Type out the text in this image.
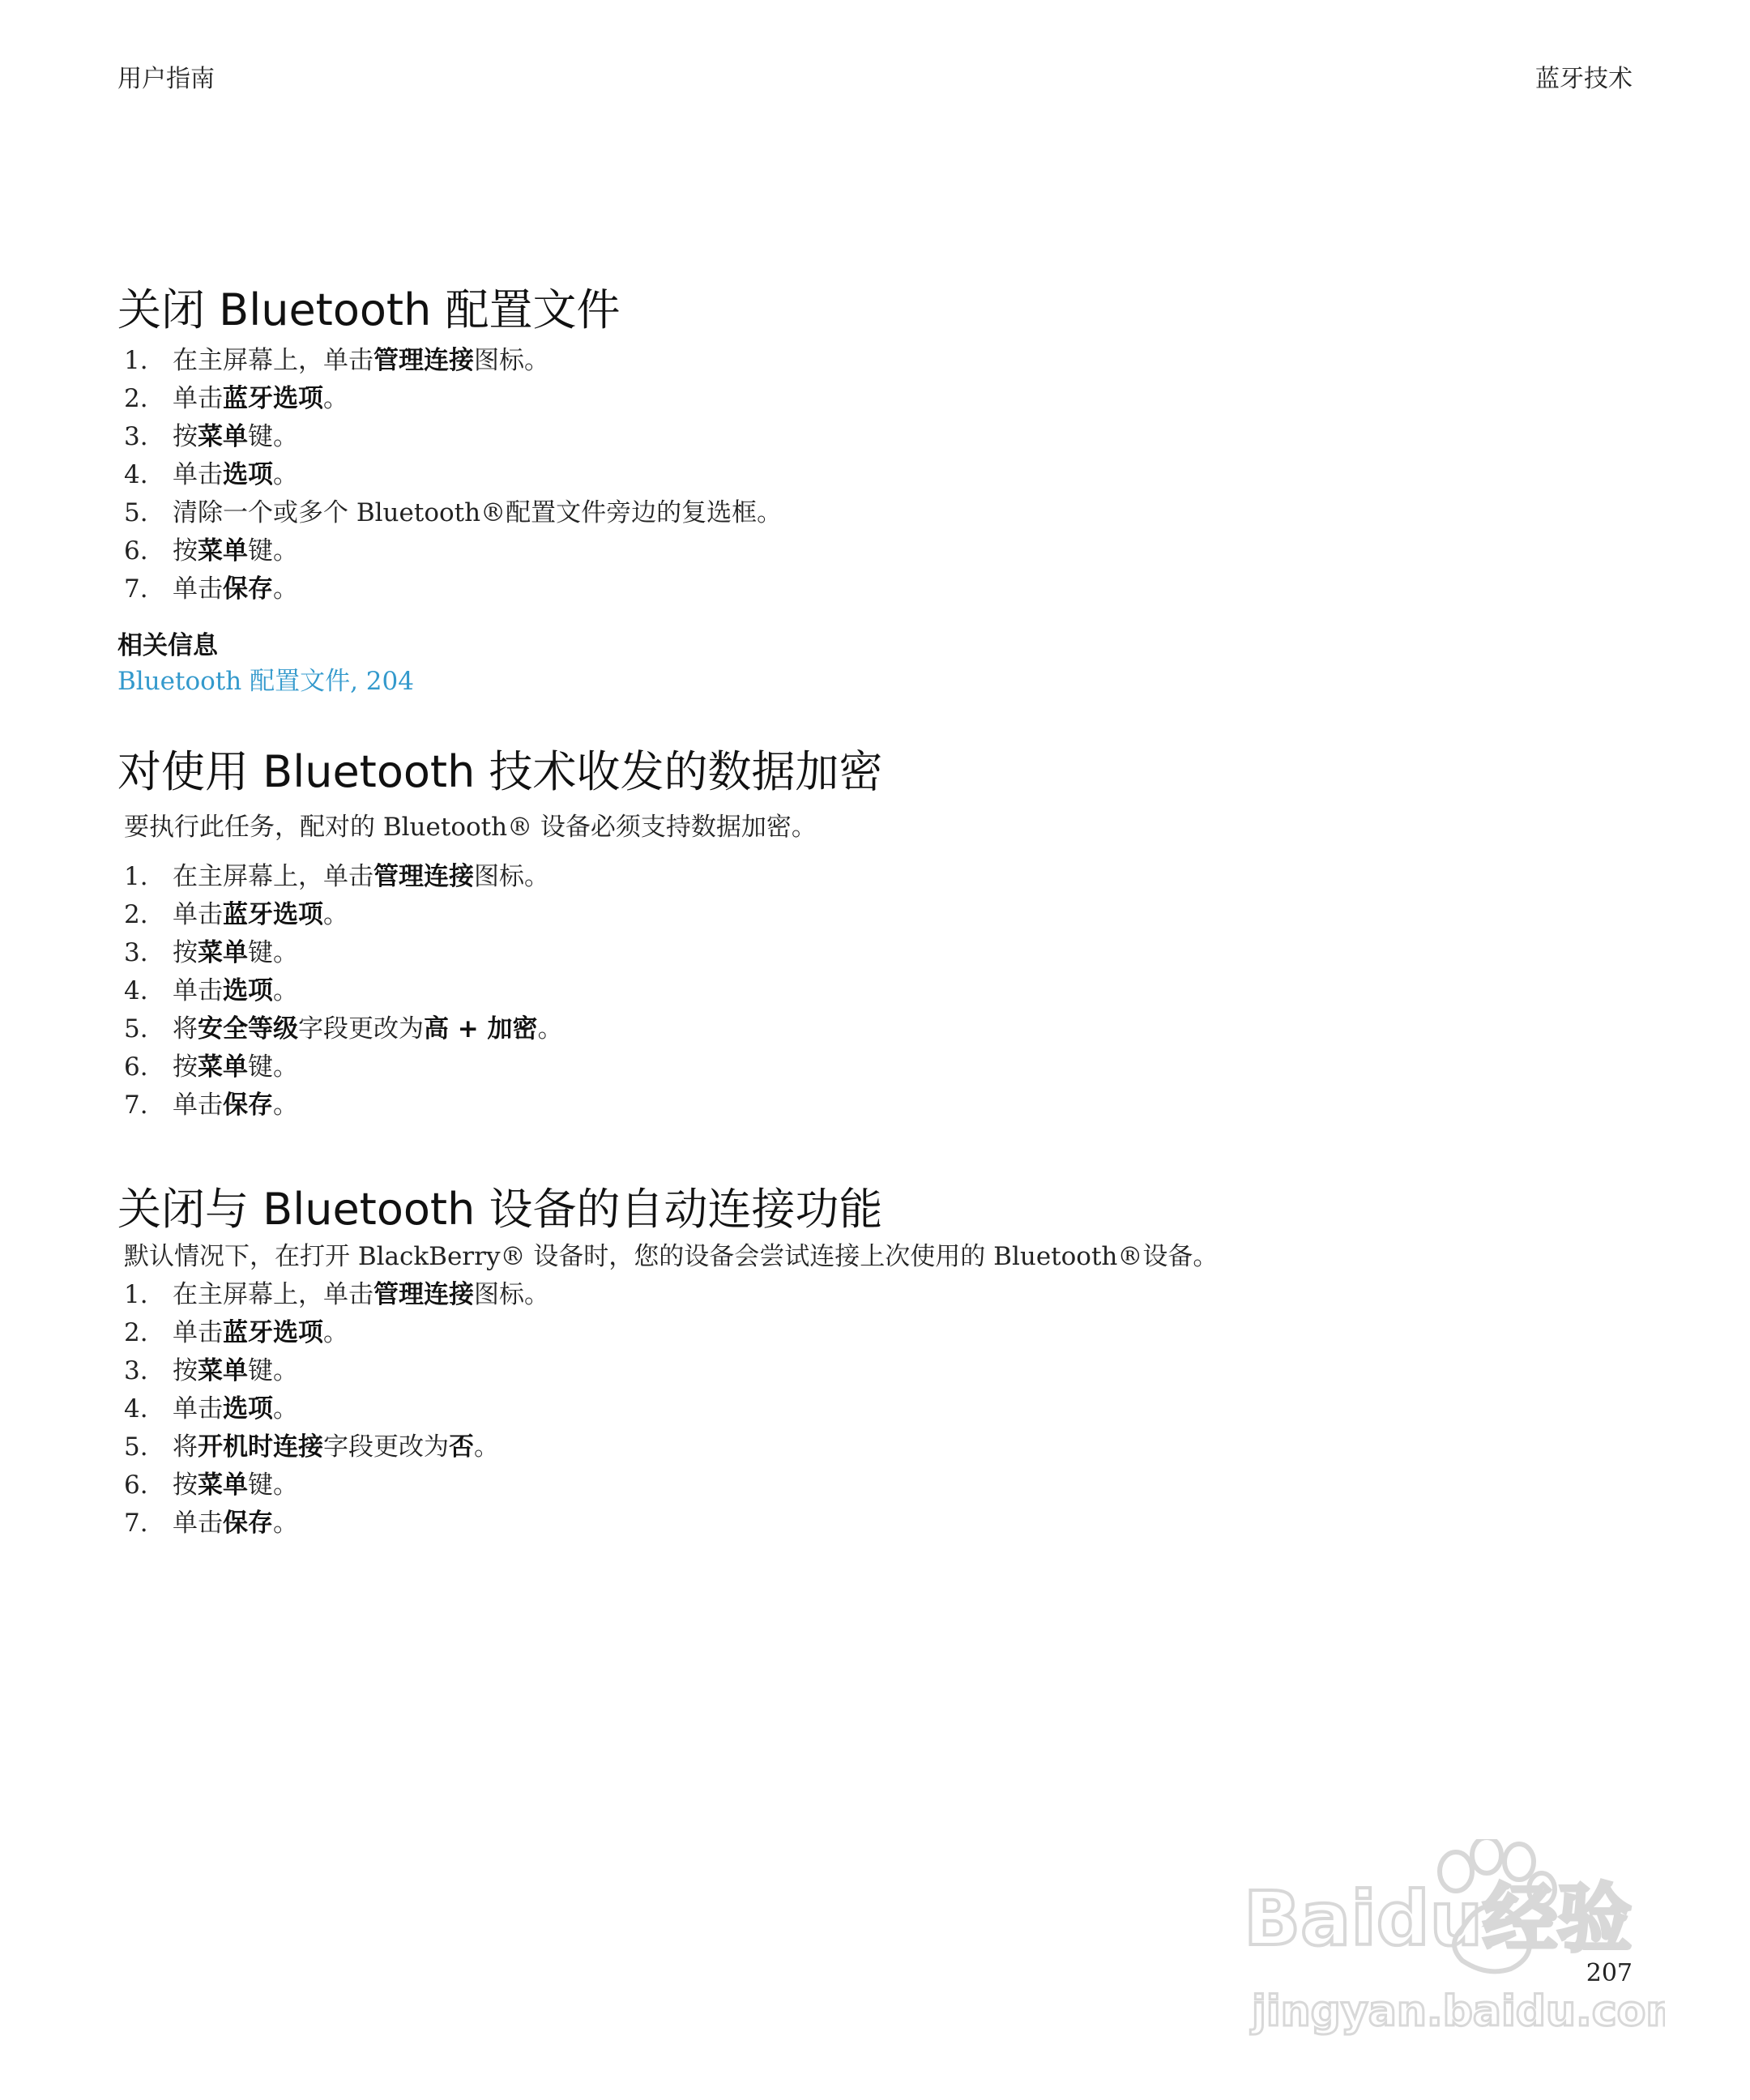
用户指南	蓝牙技术
关闭 Bluetooth 配置文件
1. 在主屏幕上，单击管理连接图标。
2. 单击蓝牙选项。
3. 按菜单键。
4. 单击选项。
5. 清除一个或多个 Bluetooth®配置文件旁边的复选框。
6. 按菜单键。
7. 单击保存。
相关信息
Bluetooth 配置文件, 204
对使用 Bluetooth 技术收发的数据加密

要执行此任务，配对的 Bluetooth® 设备必须支持数据加密。

1. 在主屏幕上，单击管理连接图标。
2. 单击蓝牙选项。
3. 按菜单键。
4. 单击选项。
5. 将安全等级字段更改为高 + 加密。
6. 按菜单键。
7. 单击保存。
关闭与 Bluetooth 设备的自动连接功能

默认情况下，在打开 BlackBerry® 设备时，您的设备会尝试连接上次使用的 Bluetooth®设备。

1. 在主屏幕上，单击管理连接图标。
2. 单击蓝牙选项。
3. 按菜单键。
4. 单击选项。
5. 将开机时连接字段更改为否。
6. 按菜单键。
7. 单击保存。
207
Baidu经验
jingyan.baidu.com
